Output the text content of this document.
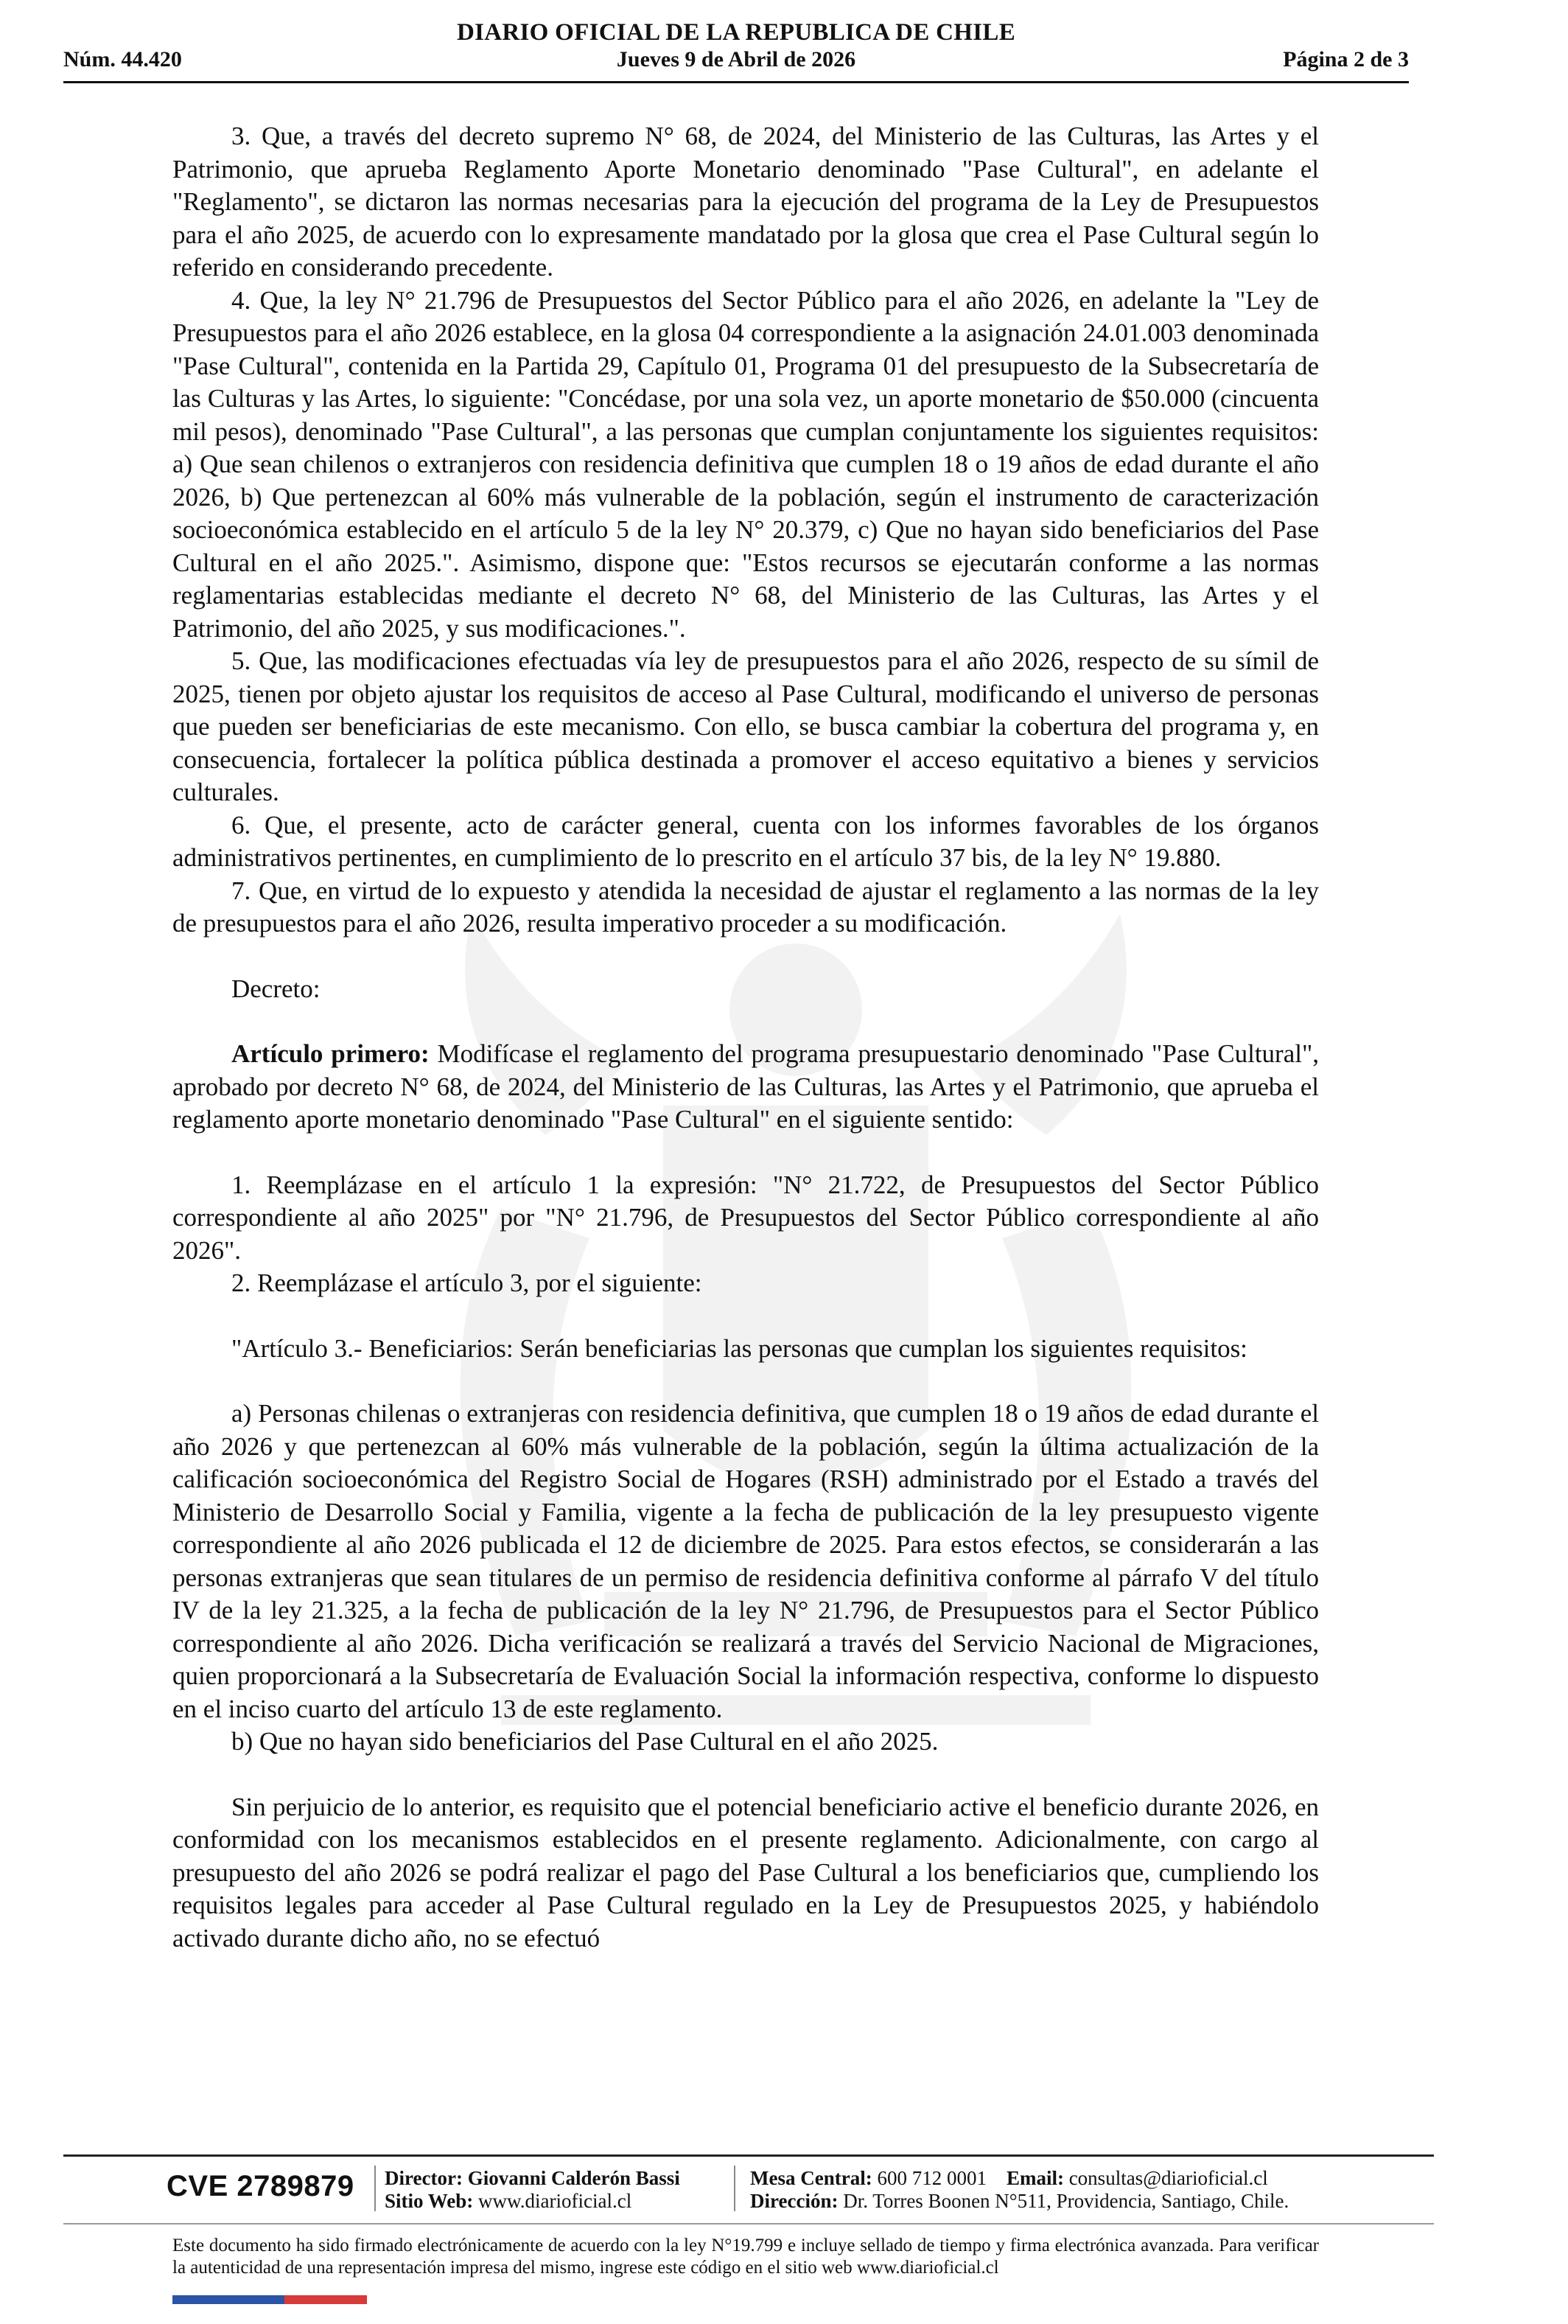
DIARIO OFICIAL DE LA REPUBLICA DE CHILE
Núm. 44.420	Jueves 9 de Abril de 2026	Página 2 de 3

3. Que, a través del decreto supremo N° 68, de 2024, del Ministerio de las Culturas, las Artes y el Patrimonio, que aprueba Reglamento Aporte Monetario denominado "Pase Cultural", en adelante el "Reglamento", se dictaron las normas necesarias para la ejecución del programa de la Ley de Presupuestos para el año 2025, de acuerdo con lo expresamente mandatado por la glosa que crea el Pase Cultural según lo referido en considerando precedente.

4. Que, la ley N° 21.796 de Presupuestos del Sector Público para el año 2026, en adelante la "Ley de Presupuestos para el año 2026 establece, en la glosa 04 correspondiente a la asignación 24.01.003 denominada "Pase Cultural", contenida en la Partida 29, Capítulo 01, Programa 01 del presupuesto de la Subsecretaría de las Culturas y las Artes, lo siguiente: "Concédase, por una sola vez, un aporte monetario de $50.000 (cincuenta mil pesos), denominado "Pase Cultural", a las personas que cumplan conjuntamente los siguientes requisitos: a) Que sean chilenos o extranjeros con residencia definitiva que cumplen 18 o 19 años de edad durante el año 2026, b) Que pertenezcan al 60% más vulnerable de la población, según el instrumento de caracterización socioeconómica establecido en el artículo 5 de la ley N° 20.379, c) Que no hayan sido beneficiarios del Pase Cultural en el año 2025.". Asimismo, dispone que: "Estos recursos se ejecutarán conforme a las normas reglamentarias establecidas mediante el decreto N° 68, del Ministerio de las Culturas, las Artes y el Patrimonio, del año 2025, y sus modificaciones.".

5. Que, las modificaciones efectuadas vía ley de presupuestos para el año 2026, respecto de su símil de 2025, tienen por objeto ajustar los requisitos de acceso al Pase Cultural, modificando el universo de personas que pueden ser beneficiarias de este mecanismo. Con ello, se busca cambiar la cobertura del programa y, en consecuencia, fortalecer la política pública destinada a promover el acceso equitativo a bienes y servicios culturales.

6. Que, el presente, acto de carácter general, cuenta con los informes favorables de los órganos administrativos pertinentes, en cumplimiento de lo prescrito en el artículo 37 bis, de la ley N° 19.880.

7. Que, en virtud de lo expuesto y atendida la necesidad de ajustar el reglamento a las normas de la ley de presupuestos para el año 2026, resulta imperativo proceder a su modificación.

Decreto:

Artículo primero: Modifícase el reglamento del programa presupuestario denominado "Pase Cultural", aprobado por decreto N° 68, de 2024, del Ministerio de las Culturas, las Artes y el Patrimonio, que aprueba el reglamento aporte monetario denominado "Pase Cultural" en el siguiente sentido:

1. Reemplázase en el artículo 1 la expresión: "N° 21.722, de Presupuestos del Sector Público correspondiente al año 2025" por "N° 21.796, de Presupuestos del Sector Público correspondiente al año 2026".

2. Reemplázase el artículo 3, por el siguiente:

"Artículo 3.- Beneficiarios: Serán beneficiarias las personas que cumplan los siguientes requisitos:

a) Personas chilenas o extranjeras con residencia definitiva, que cumplen 18 o 19 años de edad durante el año 2026 y que pertenezcan al 60% más vulnerable de la población, según la última actualización de la calificación socioeconómica del Registro Social de Hogares (RSH) administrado por el Estado a través del Ministerio de Desarrollo Social y Familia, vigente a la fecha de publicación de la ley presupuesto vigente correspondiente al año 2026 publicada el 12 de diciembre de 2025. Para estos efectos, se considerarán a las personas extranjeras que sean titulares de un permiso de residencia definitiva conforme al párrafo V del título IV de la ley 21.325, a la fecha de publicación de la ley N° 21.796, de Presupuestos para el Sector Público correspondiente al año 2026. Dicha verificación se realizará a través del Servicio Nacional de Migraciones, quien proporcionará a la Subsecretaría de Evaluación Social la información respectiva, conforme lo dispuesto en el inciso cuarto del artículo 13 de este reglamento.

b) Que no hayan sido beneficiarios del Pase Cultural en el año 2025.

Sin perjuicio de lo anterior, es requisito que el potencial beneficiario active el beneficio durante 2026, en conformidad con los mecanismos establecidos en el presente reglamento. Adicionalmente, con cargo al presupuesto del año 2026 se podrá realizar el pago del Pase Cultural a los beneficiarios que, cumpliendo los requisitos legales para acceder al Pase Cultural regulado en la Ley de Presupuestos 2025, y habiéndolo activado durante dicho año, no se efectuó

CVE 2789879 Director: Giovanni Calderón Bassi
Sitio Web: www.diarioficial.cl
Mesa Central: 600 712 0001 Email: consultas@diarioficial.cl
Dirección: Dr. Torres Boonen N°511, Providencia, Santiago, Chile.
Este documento ha sido firmado electrónicamente de acuerdo con la ley N°19.799 e incluye sellado de tiempo y firma electrónica avanzada. Para verificar la autenticidad de una representación impresa del mismo, ingrese este código en el sitio web www.diarioficial.cl
